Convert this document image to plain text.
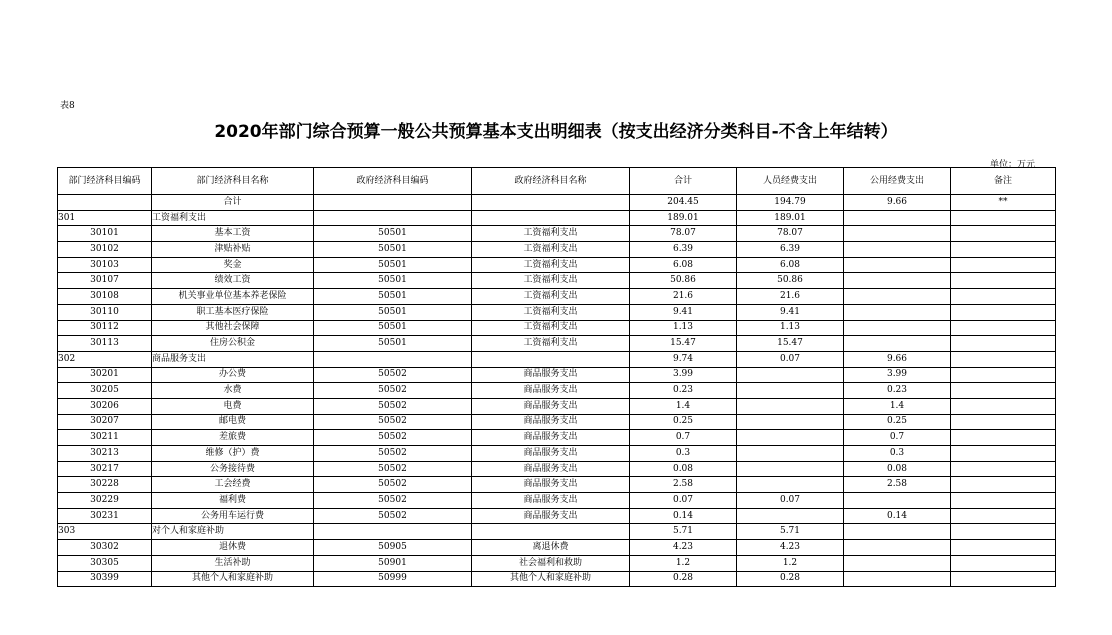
表8
2020年部门综合预算一般公共预算基本支出明细表（按支出经济分类科目-不含上年结转）
单位：万元
部门经济科目编码	部门经济科目名称	政府经济科目编码	政府经济科目名称	合计	人员经费支出	公用经费支出	备注
	合计			204.45	194.79	9.66	**
301	工资福利支出			189.01	189.01		
30101	基本工资	50501	工资福利支出	78.07	78.07		
30102	津贴补贴	50501	工资福利支出	6.39	6.39		
30103	奖金	50501	工资福利支出	6.08	6.08		
30107	绩效工资	50501	工资福利支出	50.86	50.86		
30108	机关事业单位基本养老保险	50501	工资福利支出	21.6	21.6		
30110	职工基本医疗保险	50501	工资福利支出	9.41	9.41		
30112	其他社会保障	50501	工资福利支出	1.13	1.13		
30113	住房公积金	50501	工资福利支出	15.47	15.47		
302	商品服务支出			9.74	0.07	9.66	
30201	办公费	50502	商品服务支出	3.99		3.99	
30205	水费	50502	商品服务支出	0.23		0.23	
30206	电费	50502	商品服务支出	1.4		1.4	
30207	邮电费	50502	商品服务支出	0.25		0.25	
30211	差旅费	50502	商品服务支出	0.7		0.7	
30213	维修（护）费	50502	商品服务支出	0.3		0.3	
30217	公务接待费	50502	商品服务支出	0.08		0.08	
30228	工会经费	50502	商品服务支出	2.58		2.58	
30229	福利费	50502	商品服务支出	0.07	0.07		
30231	公务用车运行费	50502	商品服务支出	0.14		0.14	
303	对个人和家庭补助			5.71	5.71		
30302	退休费	50905	离退休费	4.23	4.23		
30305	生活补助	50901	社会福利和救助	1.2	1.2		
30399	其他个人和家庭补助	50999	其他个人和家庭补助	0.28	0.28		
